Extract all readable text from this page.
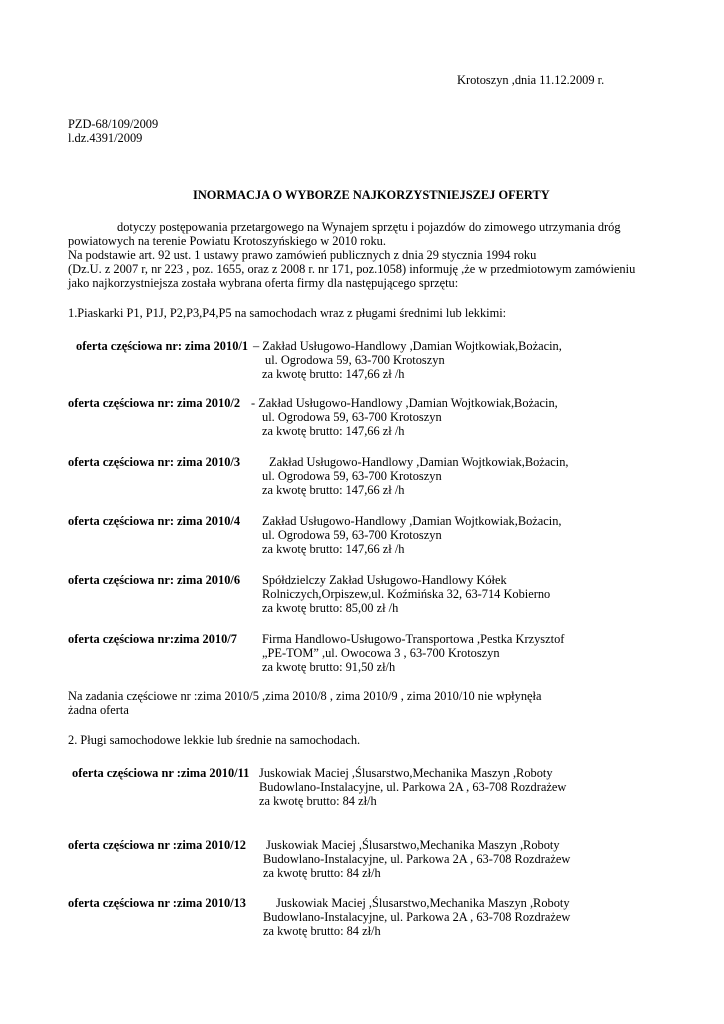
Krotoszyn ,dnia 11.12.2009 r.
PZD-68/109/2009
l.dz.4391/2009
INORMACJA O WYBORZE NAJKORZYSTNIEJSZEJ OFERTY
dotyczy postępowania przetargowego na Wynajem sprzętu i pojazdów do zimowego utrzymania dróg
powiatowych na terenie Powiatu Krotoszyńskiego w 2010 roku.
Na podstawie art. 92 ust. 1 ustawy prawo zamówień publicznych z dnia 29 stycznia 1994 roku
(Dz.U. z 2007 r, nr 223 , poz. 1655, oraz z 2008 r. nr 171, poz.1058) informuję ,że w przedmiotowym zamówieniu
jako najkorzystniejsza została wybrana oferta firmy dla następującego sprzętu:
1.Piaskarki P1, P1J, P2,P3,P4,P5 na samochodach wraz z pługami średnimi lub lekkimi:
oferta częściowa nr: zima 2010/1 – Zakład Usługowo-Handlowy ,Damian Wojtkowiak,Bożacin,
ul. Ogrodowa 59, 63-700 Krotoszyn
za kwotę brutto: 147,66 zł /h
oferta częściowa nr: zima 2010/2 - Zakład Usługowo-Handlowy ,Damian Wojtkowiak,Bożacin,
ul. Ogrodowa 59, 63-700 Krotoszyn
za kwotę brutto: 147,66 zł /h
oferta częściowa nr: zima 2010/3 Zakład Usługowo-Handlowy ,Damian Wojtkowiak,Bożacin,
ul. Ogrodowa 59, 63-700 Krotoszyn
za kwotę brutto: 147,66 zł /h
oferta częściowa nr: zima 2010/4 Zakład Usługowo-Handlowy ,Damian Wojtkowiak,Bożacin,
ul. Ogrodowa 59, 63-700 Krotoszyn
za kwotę brutto: 147,66 zł /h
oferta częściowa nr: zima 2010/6 Spółdzielczy Zakład Usługowo-Handlowy Kółek
Rolniczych,Orpiszew,ul. Koźmińska 32, 63-714 Kobierno
za kwotę brutto: 85,00 zł /h
oferta częściowa nr:zima 2010/7 Firma Handlowo-Usługowo-Transportowa ,Pestka Krzysztof
„PE-TOM” ,ul. Owocowa 3 , 63-700 Krotoszyn
za kwotę brutto: 91,50 zł/h
Na zadania częściowe nr :zima 2010/5 ,zima 2010/8 , zima 2010/9 , zima 2010/10 nie wpłynęła
żadna oferta
2. Pługi samochodowe lekkie lub średnie na samochodach.
oferta częściowa nr :zima 2010/11 Juskowiak Maciej ,Ślusarstwo,Mechanika Maszyn ,Roboty
Budowlano-Instalacyjne, ul. Parkowa 2A , 63-708 Rozdrażew
za kwotę brutto: 84 zł/h
oferta częściowa nr :zima 2010/12 Juskowiak Maciej ,Ślusarstwo,Mechanika Maszyn ,Roboty
Budowlano-Instalacyjne, ul. Parkowa 2A , 63-708 Rozdrażew
za kwotę brutto: 84 zł/h
oferta częściowa nr :zima 2010/13 Juskowiak Maciej ,Ślusarstwo,Mechanika Maszyn ,Roboty
Budowlano-Instalacyjne, ul. Parkowa 2A , 63-708 Rozdrażew
za kwotę brutto: 84 zł/h
